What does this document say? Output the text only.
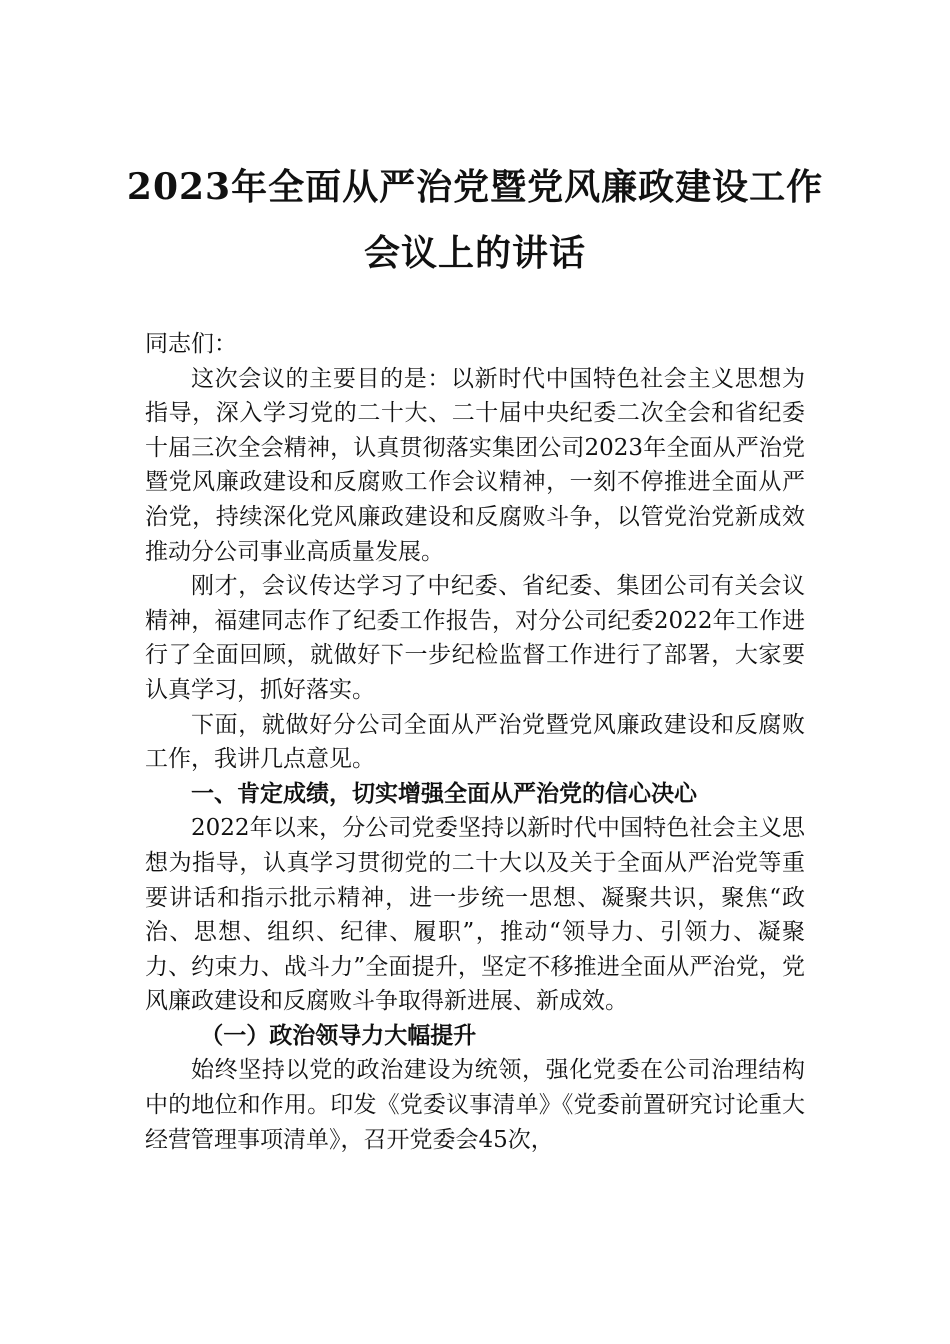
2023年全面从严治党暨党风廉政建设工作
会议上的讲话

同志们：

这次会议的主要目的是：以新时代中国特色社会主义思想为指导，深入学习党的二十大、二十届中央纪委二次全会和省纪委十届三次全会精神，认真贯彻落实集团公司2023年全面从严治党暨党风廉政建设和反腐败工作会议精神，一刻不停推进全面从严治党，持续深化党风廉政建设和反腐败斗争，以管党治党新成效推动分公司事业高质量发展。

刚才，会议传达学习了中纪委、省纪委、集团公司有关会议精神，福建同志作了纪委工作报告，对分公司纪委2022年工作进行了全面回顾，就做好下一步纪检监督工作进行了部署，大家要认真学习，抓好落实。

下面，就做好分公司全面从严治党暨党风廉政建设和反腐败工作，我讲几点意见。

一、肯定成绩，切实增强全面从严治党的信心决心

2022年以来，分公司党委坚持以新时代中国特色社会主义思想为指导，认真学习贯彻党的二十大以及关于全面从严治党等重要讲话和指示批示精神，进一步统一思想、凝聚共识，聚焦“政治、思想、组织、纪律、履职”，推动“领导力、引领力、凝聚力、约束力、战斗力”全面提升，坚定不移推进全面从严治党，党风廉政建设和反腐败斗争取得新进展、新成效。

（一）政治领导力大幅提升

始终坚持以党的政治建设为统领，强化党委在公司治理结构中的地位和作用。印发《党委议事清单》《党委前置研究讨论重大经营管理事项清单》，召开党委会45次，
